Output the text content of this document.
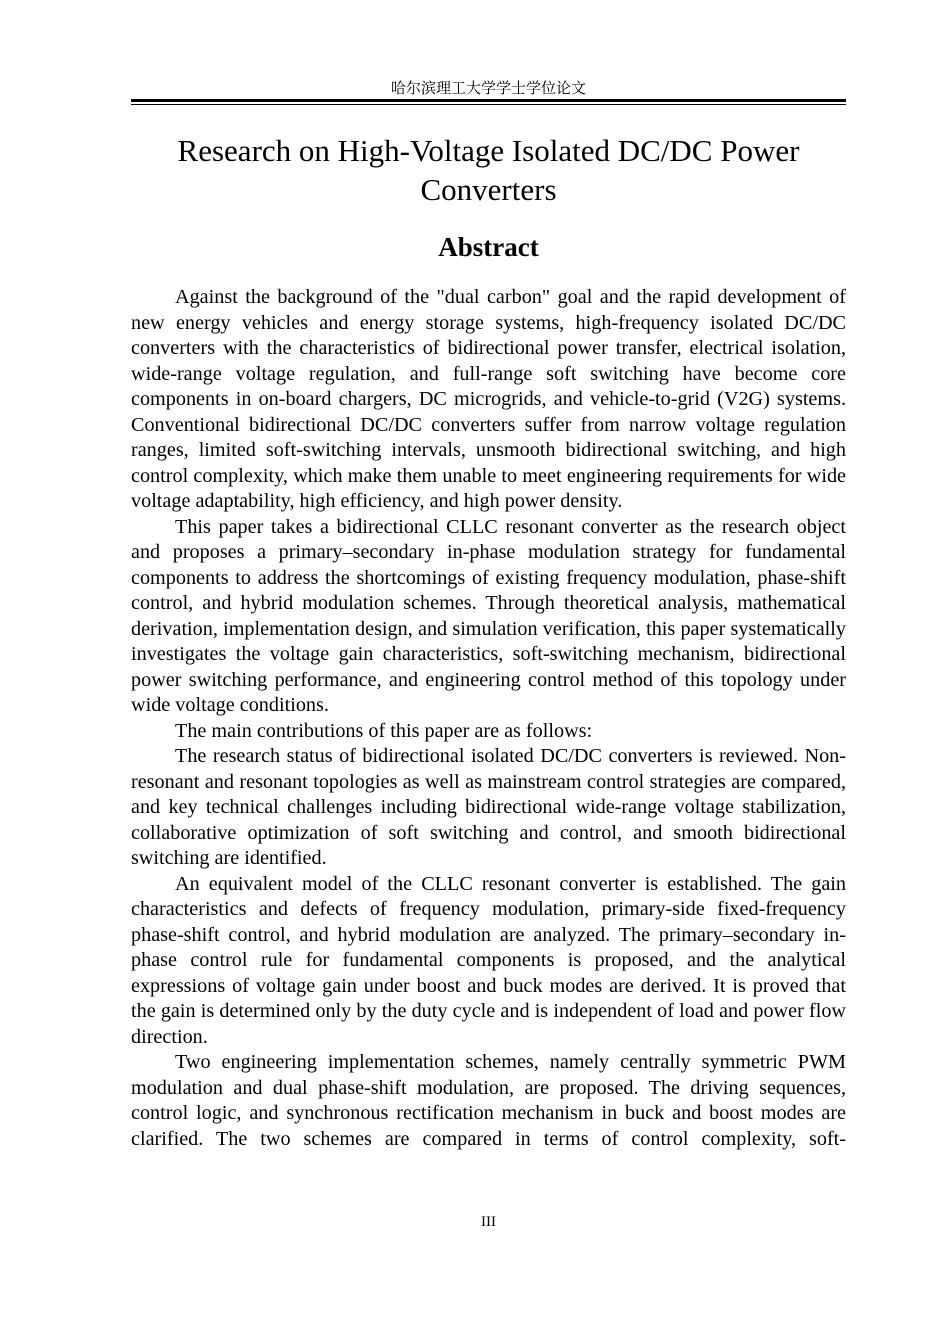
哈尔滨理工大学学士学位论文
Research on High-Voltage Isolated DC/DC Power Converters
Abstract

Against the background of the "dual carbon" goal and the rapid development of new energy vehicles and energy storage systems, high-frequency isolated DC/DC converters with the characteristics of bidirectional power transfer, electrical isolation, wide-range voltage regulation, and full-range soft switching have become core components in on-board chargers, DC microgrids, and vehicle-to-grid (V2G) systems. Conventional bidirectional DC/DC converters suffer from narrow voltage regulation ranges, limited soft-switching intervals, unsmooth bidirectional switching, and high control complexity, which make them unable to meet engineering requirements for wide voltage adaptability, high efficiency, and high power density.

This paper takes a bidirectional CLLC resonant converter as the research object and proposes a primary–secondary in-phase modulation strategy for fundamental components to address the shortcomings of existing frequency modulation, phase-shift control, and hybrid modulation schemes. Through theoretical analysis, mathematical derivation, implementation design, and simulation verification, this paper systematically investigates the voltage gain characteristics, soft-switching mechanism, bidirectional power switching performance, and engineering control method of this topology under wide voltage conditions.

The main contributions of this paper are as follows:

The research status of bidirectional isolated DC/DC converters is reviewed. Non-resonant and resonant topologies as well as mainstream control strategies are compared, and key technical challenges including bidirectional wide-range voltage stabilization, collaborative optimization of soft switching and control, and smooth bidirectional switching are identified.

An equivalent model of the CLLC resonant converter is established. The gain characteristics and defects of frequency modulation, primary-side fixed-frequency phase-shift control, and hybrid modulation are analyzed. The primary–secondary in-phase control rule for fundamental components is proposed, and the analytical expressions of voltage gain under boost and buck modes are derived. It is proved that the gain is determined only by the duty cycle and is independent of load and power flow direction.

Two engineering implementation schemes, namely centrally symmetric PWM modulation and dual phase-shift modulation, are proposed. The driving sequences, control logic, and synchronous rectification mechanism in buck and boost modes are clarified. The two schemes are compared in terms of control complexity, soft-

III
